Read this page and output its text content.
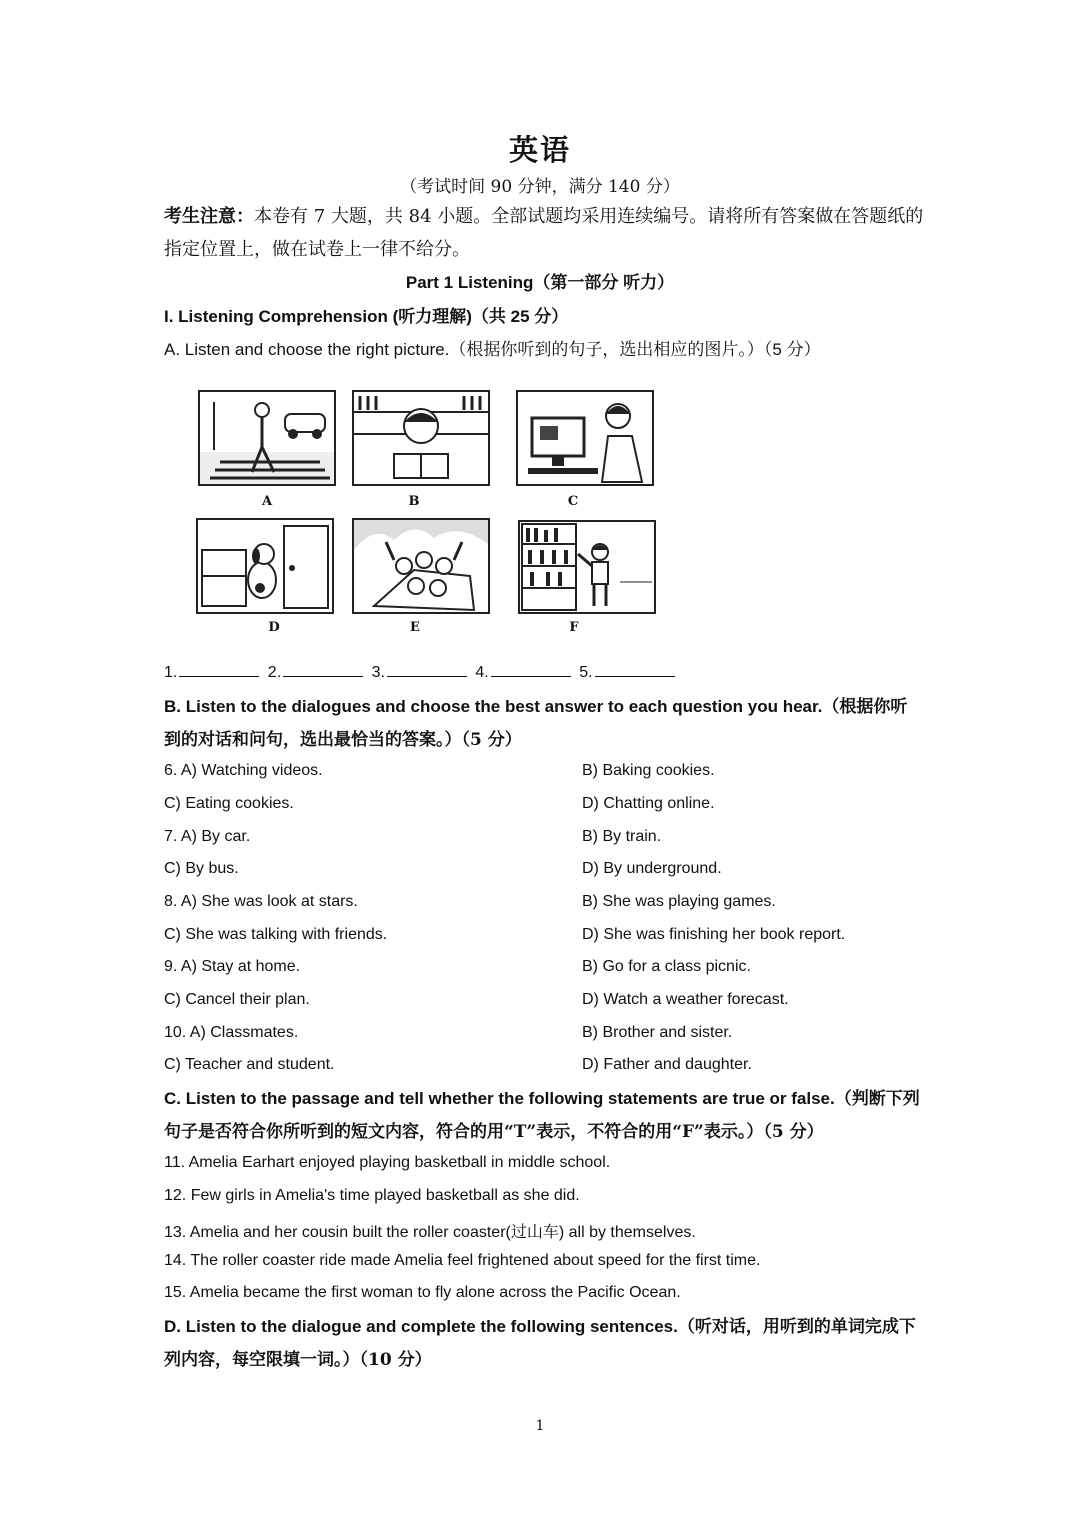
英语
（考试时间 90 分钟，满分 140 分）
考生注意：本卷有 7 大题，共 84 小题。全部试题均采用连续编号。请将所有答案做在答题纸的指定位置上，做在试卷上一律不给分。
Part 1 Listening（第一部分 听力）
I. Listening Comprehension (听力理解)（共 25 分）
A. Listen and choose the right picture.（根据你听到的句子，选出相应的图片。）（5 分）
A	B	C
D	E	F
1.	2.	3.	4.	5.
B. Listen to the dialogues and choose the best answer to each question you hear.（根据你听到的对话和问句，选出最恰当的答案。）（5 分）
6. A) Watching videos.	B) Baking cookies.
C) Eating cookies.	D) Chatting online.
7. A) By car.	B) By train.
C) By bus.	D) By underground.
8. A) She was look at stars.	B) She was playing games.
C) She was talking with friends.	D) She was finishing her book report.
9. A) Stay at home.	B) Go for a class picnic.
C) Cancel their plan.	D) Watch a weather forecast.
10. A) Classmates.	B) Brother and sister.
C) Teacher and student.	D) Father and daughter.
C. Listen to the passage and tell whether the following statements are true or false.（判断下列句子是否符合你所听到的短文内容，符合的用“T”表示，不符合的用“F”表示。）（5 分）
11. Amelia Earhart enjoyed playing basketball in middle school.
12. Few girls in Amelia's time played basketball as she did.
13. Amelia and her cousin built the roller coaster(过山车) all by themselves.
14. The roller coaster ride made Amelia feel frightened about speed for the first time.
15. Amelia became the first woman to fly alone across the Pacific Ocean.
D. Listen to the dialogue and complete the following sentences.（听对话，用听到的单词完成下列内容，每空限填一词。）（10 分）
1
